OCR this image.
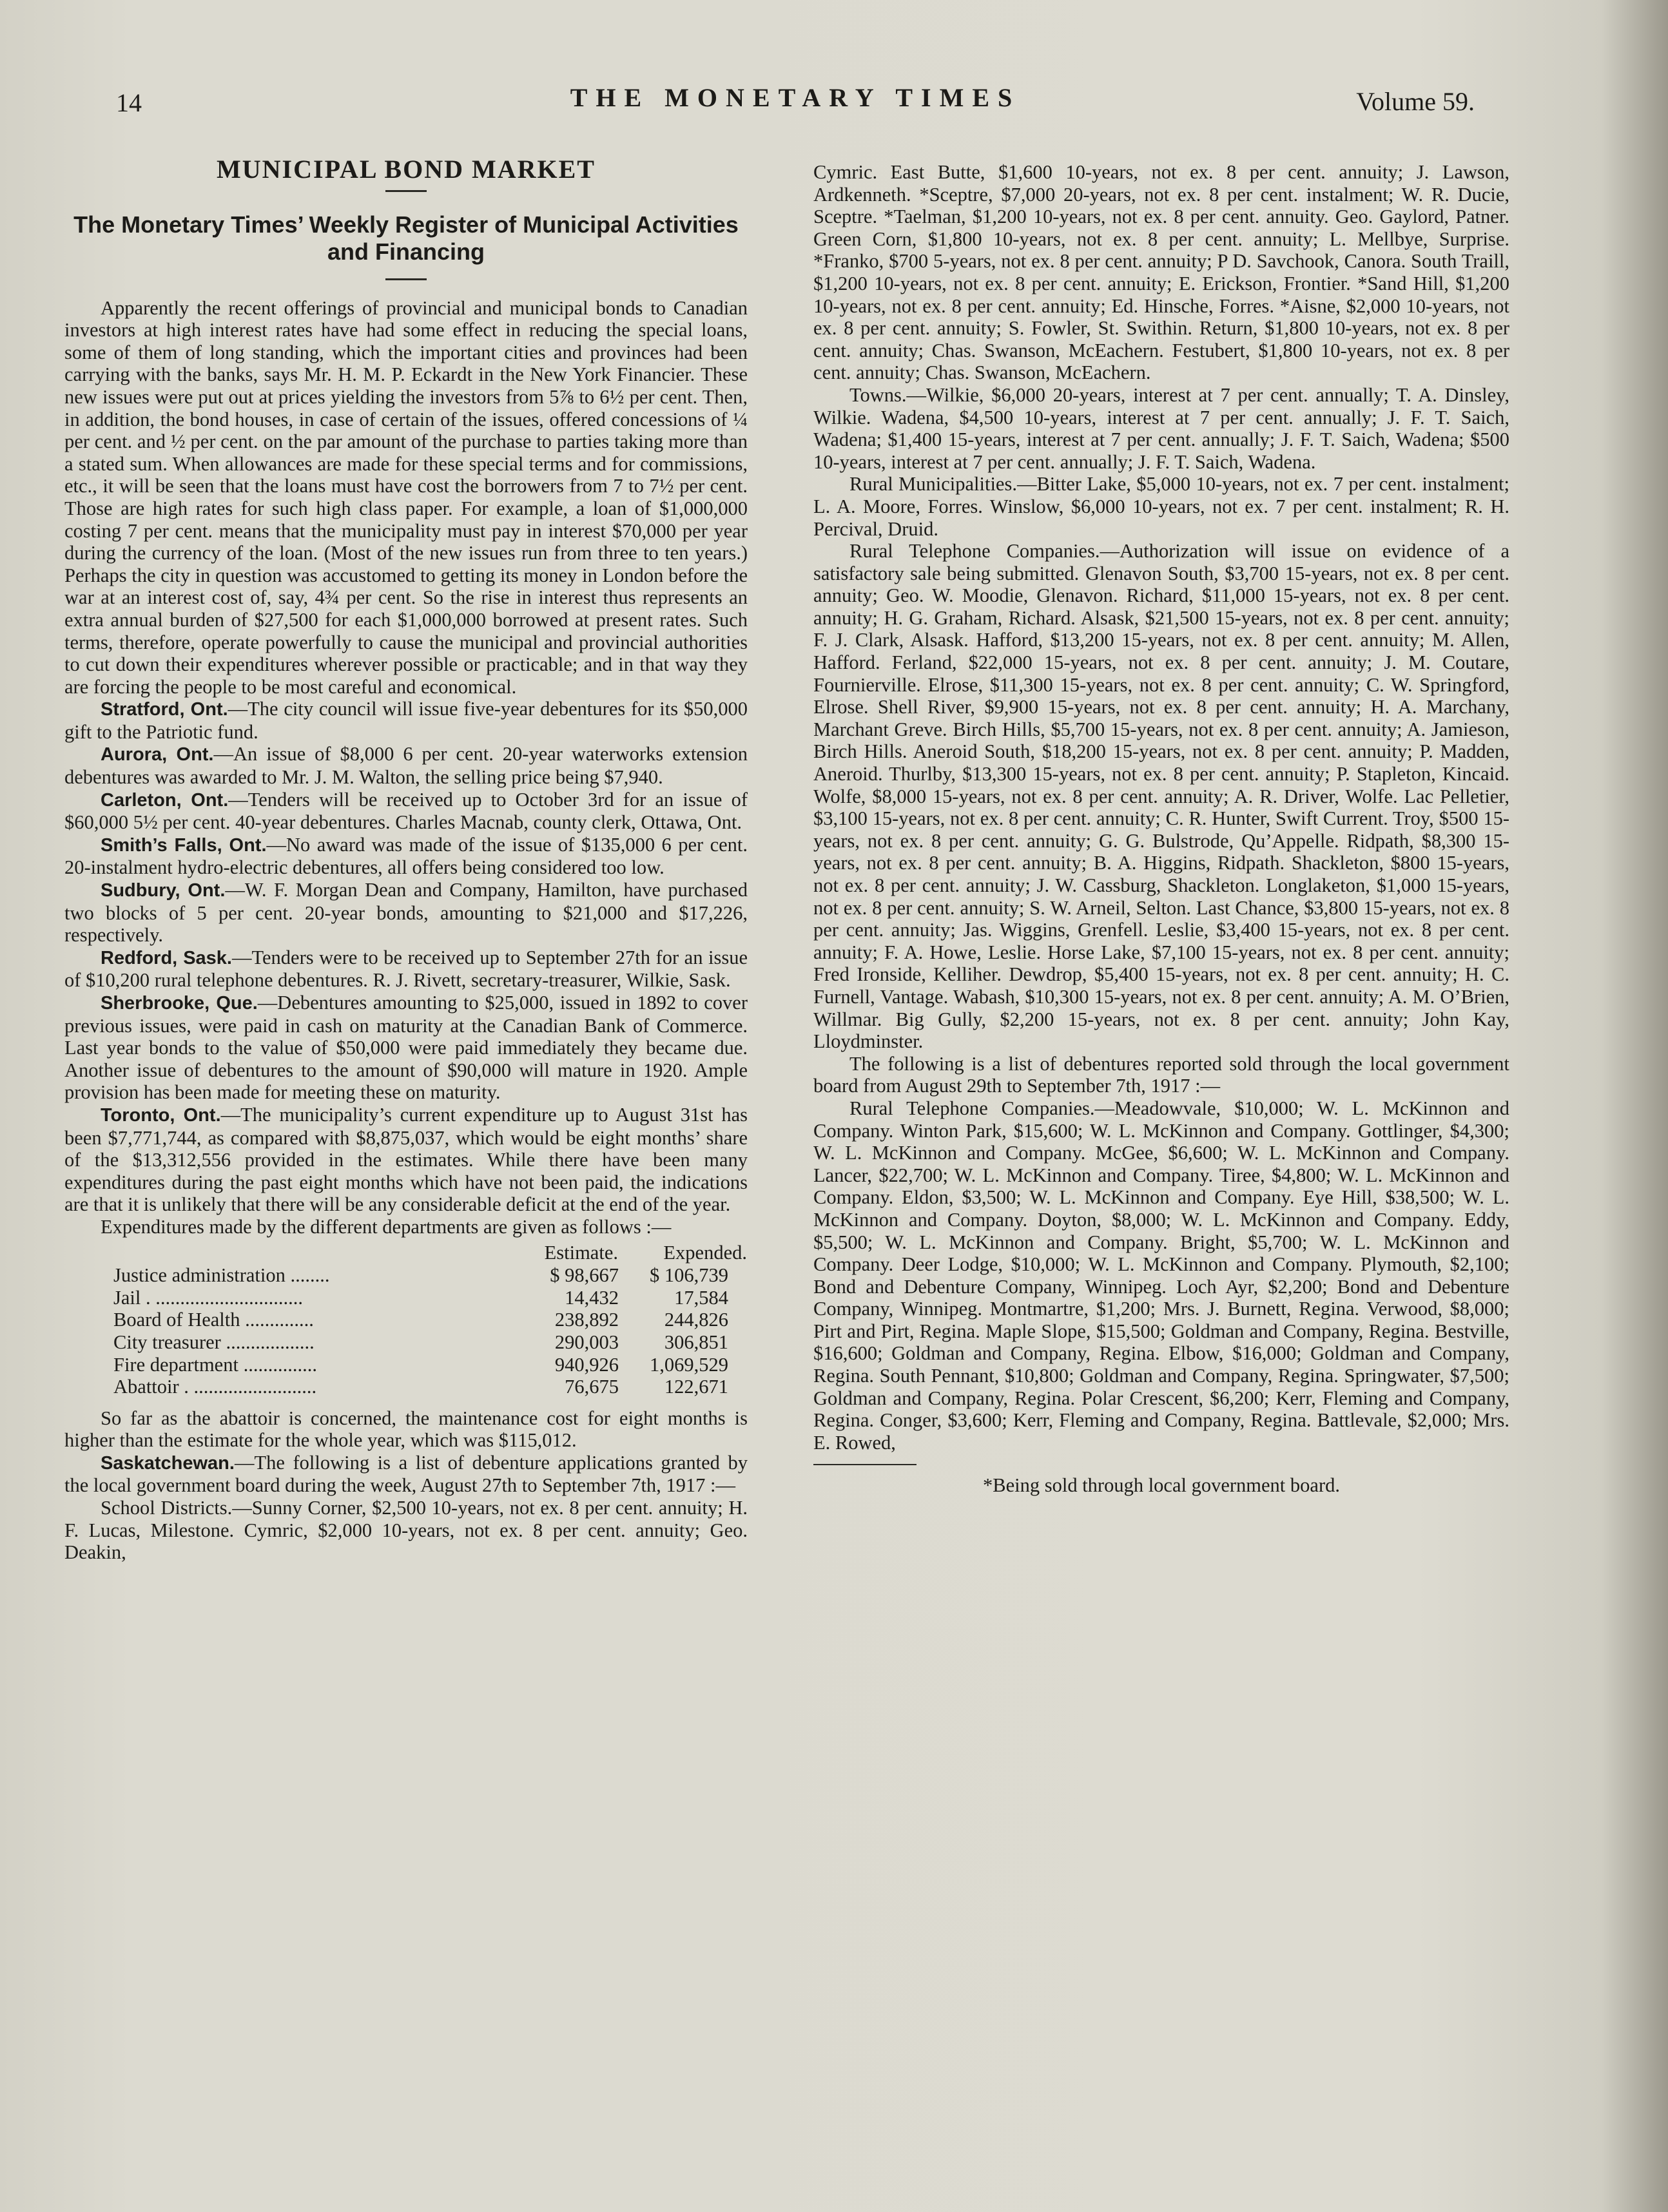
14	THE MONETARY TIMES	Volume 59.
MUNICIPAL BOND MARKET
The Monetary Times’ Weekly Register of Municipal Activities and Financing

Apparently the recent offerings of provincial and municipal bonds to Canadian investors at high interest rates have had some effect in reducing the special loans, some of them of long standing, which the important cities and provinces had been carrying with the banks, says Mr. H. M. P. Eckardt in the New York Financier. These new issues were put out at prices yielding the investors from 5⅞ to 6½ per cent. Then, in addition, the bond houses, in case of certain of the issues, offered concessions of ¼ per cent. and ½ per cent. on the par amount of the purchase to parties taking more than a stated sum. When allowances are made for these special terms and for commissions, etc., it will be seen that the loans must have cost the borrowers from 7 to 7½ per cent. Those are high rates for such high class paper. For example, a loan of $1,000,000 costing 7 per cent. means that the municipality must pay in interest $70,000 per year during the currency of the loan. (Most of the new issues run from three to ten years.) Perhaps the city in question was accustomed to getting its money in London before the war at an interest cost of, say, 4¾ per cent. So the rise in interest thus represents an extra annual burden of $27,500 for each $1,000,000 borrowed at present rates. Such terms, therefore, operate powerfully to cause the municipal and provincial authorities to cut down their expenditures wherever possible or practicable; and in that way they are forcing the people to be most careful and economical.

Stratford, Ont.—The city council will issue five-year debentures for its $50,000 gift to the Patriotic fund.

Aurora, Ont.—An issue of $8,000 6 per cent. 20-year waterworks extension debentures was awarded to Mr. J. M. Walton, the selling price being $7,940.

Carleton, Ont.—Tenders will be received up to October 3rd for an issue of $60,000 5½ per cent. 40-year debentures. Charles Macnab, county clerk, Ottawa, Ont.

Smith’s Falls, Ont.—No award was made of the issue of $135,000 6 per cent. 20-instalment hydro-electric debentures, all offers being considered too low.

Sudbury, Ont.—W. F. Morgan Dean and Company, Hamilton, have purchased two blocks of 5 per cent. 20-year bonds, amounting to $21,000 and $17,226, respectively.

Redford, Sask.—Tenders were to be received up to September 27th for an issue of $10,200 rural telephone debentures. R. J. Rivett, secretary-treasurer, Wilkie, Sask.

Sherbrooke, Que.—Debentures amounting to $25,000, issued in 1892 to cover previous issues, were paid in cash on maturity at the Canadian Bank of Commerce. Last year bonds to the value of $50,000 were paid immediately they became due. Another issue of debentures to the amount of $90,000 will mature in 1920. Ample provision has been made for meeting these on maturity.

Toronto, Ont.—The municipality’s current expenditure up to August 31st has been $7,771,744, as compared with $8,875,037, which would be eight months’ share of the $13,312,556 provided in the estimates. While there have been many expenditures during the past eight months which have not been paid, the indications are that it is unlikely that there will be any considerable deficit at the end of the year.

Expenditures made by the different departments are given as follows :—

	Estimate.	Expended.
Justice administration ........	$ 98,667	$ 106,739
Jail . ..............................	14,432	17,584
Board of Health ..............	238,892	244,826
City treasurer ..................	290,003	306,851
Fire department ...............	940,926	1,069,529
Abattoir . .........................	76,675	122,671

So far as the abattoir is concerned, the maintenance cost for eight months is higher than the estimate for the whole year, which was $115,012.

Saskatchewan.—The following is a list of debenture applications granted by the local government board during the week, August 27th to September 7th, 1917 :—

School Districts.—Sunny Corner, $2,500 10-years, not ex. 8 per cent. annuity; H. F. Lucas, Milestone. Cymric, $2,000 10-years, not ex. 8 per cent. annuity; Geo. Deakin,

Cymric. East Butte, $1,600 10-years, not ex. 8 per cent. annuity; J. Lawson, Ardkenneth. *Sceptre, $7,000 20-years, not ex. 8 per cent. instalment; W. R. Ducie, Sceptre. *Taelman, $1,200 10-years, not ex. 8 per cent. annuity. Geo. Gaylord, Patner. Green Corn, $1,800 10-years, not ex. 8 per cent. annuity; L. Mellbye, Surprise. *Franko, $700 5-years, not ex. 8 per cent. annuity; P D. Savchook, Canora. South Traill, $1,200 10-years, not ex. 8 per cent. annuity; E. Erickson, Frontier. *Sand Hill, $1,200 10-years, not ex. 8 per cent. annuity; Ed. Hinsche, Forres. *Aisne, $2,000 10-years, not ex. 8 per cent. annuity; S. Fowler, St. Swithin. Return, $1,800 10-years, not ex. 8 per cent. annuity; Chas. Swanson, McEachern. Festubert, $1,800 10-years, not ex. 8 per cent. annuity; Chas. Swanson, McEachern.

Towns.—Wilkie, $6,000 20-years, interest at 7 per cent. annually; T. A. Dinsley, Wilkie. Wadena, $4,500 10-years, interest at 7 per cent. annually; J. F. T. Saich, Wadena; $1,400 15-years, interest at 7 per cent. annually; J. F. T. Saich, Wadena; $500 10-years, interest at 7 per cent. annually; J. F. T. Saich, Wadena.

Rural Municipalities.—Bitter Lake, $5,000 10-years, not ex. 7 per cent. instalment; L. A. Moore, Forres. Winslow, $6,000 10-years, not ex. 7 per cent. instalment; R. H. Percival, Druid.

Rural Telephone Companies.—Authorization will issue on evidence of a satisfactory sale being submitted. Glenavon South, $3,700 15-years, not ex. 8 per cent. annuity; Geo. W. Moodie, Glenavon. Richard, $11,000 15-years, not ex. 8 per cent. annuity; H. G. Graham, Richard. Alsask, $21,500 15-years, not ex. 8 per cent. annuity; F. J. Clark, Alsask. Hafford, $13,200 15-years, not ex. 8 per cent. annuity; M. Allen, Hafford. Ferland, $22,000 15-years, not ex. 8 per cent. annuity; J. M. Coutare, Fournierville. Elrose, $11,300 15-years, not ex. 8 per cent. annuity; C. W. Springford, Elrose. Shell River, $9,900 15-years, not ex. 8 per cent. annuity; H. A. Marchany, Marchant Greve. Birch Hills, $5,700 15-years, not ex. 8 per cent. annuity; A. Jamieson, Birch Hills. Aneroid South, $18,200 15-years, not ex. 8 per cent. annuity; P. Madden, Aneroid. Thurlby, $13,300 15-years, not ex. 8 per cent. annuity; P. Stapleton, Kincaid. Wolfe, $8,000 15-years, not ex. 8 per cent. annuity; A. R. Driver, Wolfe. Lac Pelletier, $3,100 15-years, not ex. 8 per cent. annuity; C. R. Hunter, Swift Current. Troy, $500 15-years, not ex. 8 per cent. annuity; G. G. Bulstrode, Qu’Appelle. Ridpath, $8,300 15-years, not ex. 8 per cent. annuity; B. A. Higgins, Ridpath. Shackleton, $800 15-years, not ex. 8 per cent. annuity; J. W. Cassburg, Shackleton. Longlaketon, $1,000 15-years, not ex. 8 per cent. annuity; S. W. Arneil, Selton. Last Chance, $3,800 15-years, not ex. 8 per cent. annuity; Jas. Wiggins, Grenfell. Leslie, $3,400 15-years, not ex. 8 per cent. annuity; F. A. Howe, Leslie. Horse Lake, $7,100 15-years, not ex. 8 per cent. annuity; Fred Ironside, Kelliher. Dewdrop, $5,400 15-years, not ex. 8 per cent. annuity; H. C. Furnell, Vantage. Wabash, $10,300 15-years, not ex. 8 per cent. annuity; A. M. O’Brien, Willmar. Big Gully, $2,200 15-years, not ex. 8 per cent. annuity; John Kay, Lloydminster.

The following is a list of debentures reported sold through the local government board from August 29th to September 7th, 1917 :—

Rural Telephone Companies.—Meadowvale, $10,000; W. L. McKinnon and Company. Winton Park, $15,600; W. L. McKinnon and Company. Gottlinger, $4,300; W. L. McKinnon and Company. McGee, $6,600; W. L. McKinnon and Company. Lancer, $22,700; W. L. McKinnon and Company. Tiree, $4,800; W. L. McKinnon and Company. Eldon, $3,500; W. L. McKinnon and Company. Eye Hill, $38,500; W. L. McKinnon and Company. Doyton, $8,000; W. L. McKinnon and Company. Eddy, $5,500; W. L. McKinnon and Company. Bright, $5,700; W. L. McKinnon and Company. Deer Lodge, $10,000; W. L. McKinnon and Company. Plymouth, $2,100; Bond and Debenture Company, Winnipeg. Loch Ayr, $2,200; Bond and Debenture Company, Winnipeg. Montmartre, $1,200; Mrs. J. Burnett, Regina. Verwood, $8,000; Pirt and Pirt, Regina. Maple Slope, $15,500; Goldman and Company, Regina. Bestville, $16,600; Goldman and Company, Regina. Elbow, $16,000; Goldman and Company, Regina. South Pennant, $10,800; Goldman and Company, Regina. Springwater, $7,500; Goldman and Company, Regina. Polar Crescent, $6,200; Kerr, Fleming and Company, Regina. Conger, $3,600; Kerr, Fleming and Company, Regina. Battlevale, $2,000; Mrs. E. Rowed,

*Being sold through local government board.
